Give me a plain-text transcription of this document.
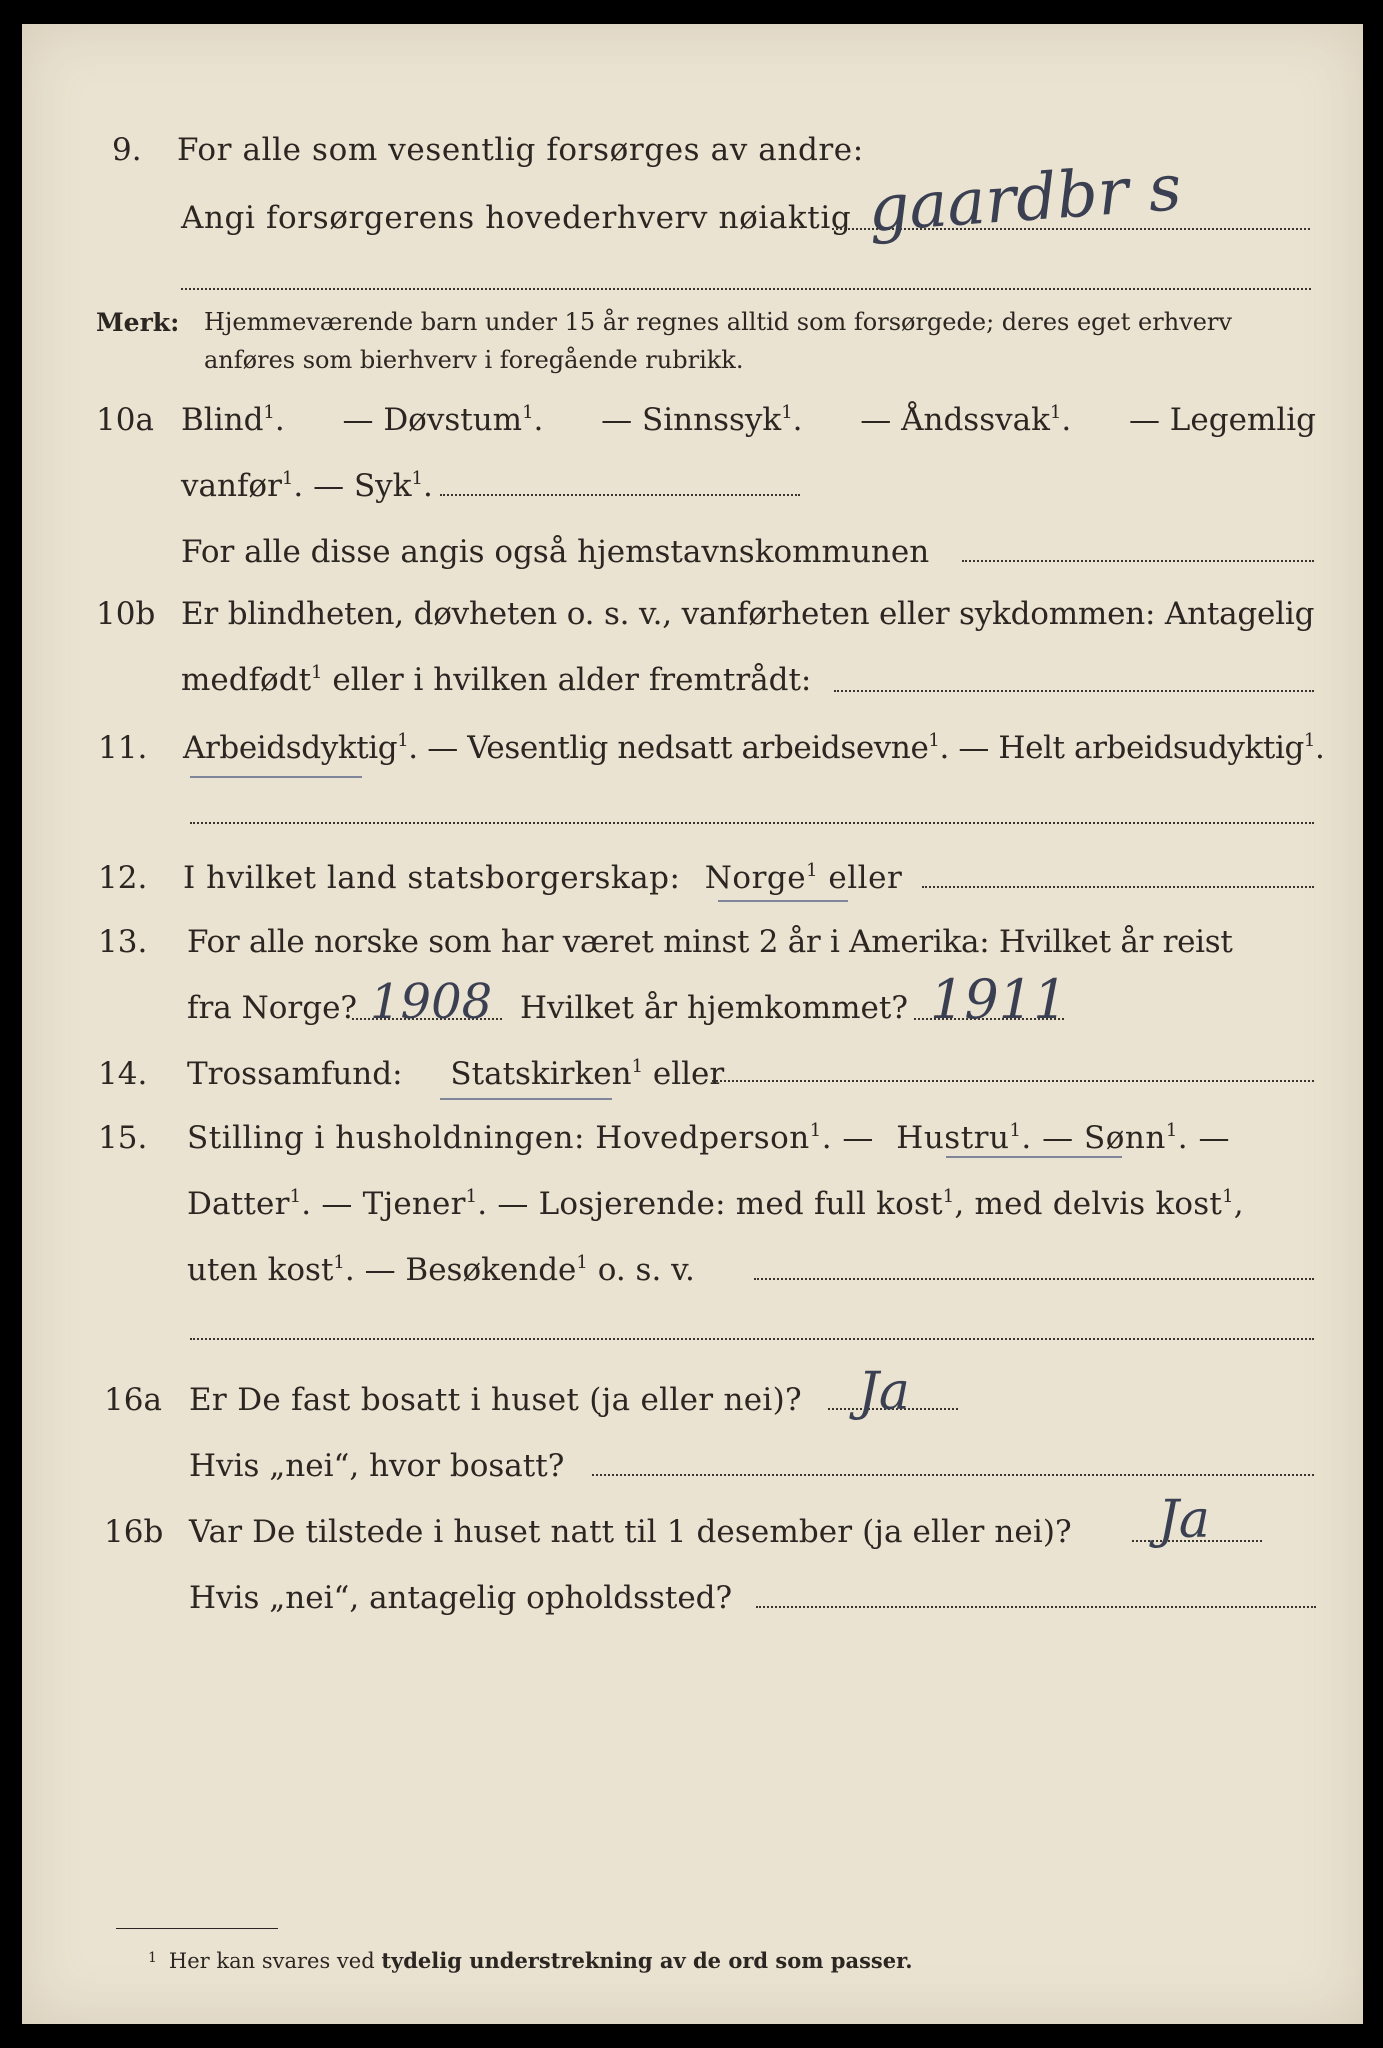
9. For alle som vesentlig forsørges av andre:
Angi forsørgerens hovederhverv nøiaktig gaardbr s
Merk: Hjemmeværende barn under 15 år regnes alltid som forsørgede; deres eget erhverv
anføres som bierhverv i foregående rubrikk.
10a Blind$^1$. — Døvstum$^1$. — Sinnssyk$^1$. — Åndssvak$^1$. — Legemlig
vanfør$^1$. — Syk$^1$.
For alle disse angis også hjemstavnskommunen
10b Er blindheten, døvheten o. s. v., vanførheten eller sykdommen: Antagelig
medfødt$^1$ eller i hvilken alder fremtrådt:
11. Arbeidsdyktig$^1$. — Vesentlig nedsatt arbeidsevne$^1$. — Helt arbeidsudyktig$^1$.
12. I hvilket land statsborgerskap: Norge$^1$ eller
13. For alle norske som har været minst 2 år i Amerika: Hvilket år reist
fra Norge? 1908 Hvilket år hjemkommet? 1911
14. Trossamfund: Statskirken$^1$ eller
15. Stilling i husholdningen: Hovedperson$^1$. — Hustru$^1$. — Sønn$^1$. —
Datter$^1$. — Tjener$^1$. — Losjerende: med full kost$^1$, med delvis kost$^1$,
uten kost$^1$. — Besøkende$^1$ o. s. v.
16a Er De fast bosatt i huset (ja eller nei)? Ja
Hvis „nei“, hvor bosatt?
16b Var De tilstede i huset natt til 1 desember (ja eller nei)? Ja
Hvis „nei“, antagelig opholdssted?
$^1$ Her kan svares ved tydelig understrekning av de ord som passer.
